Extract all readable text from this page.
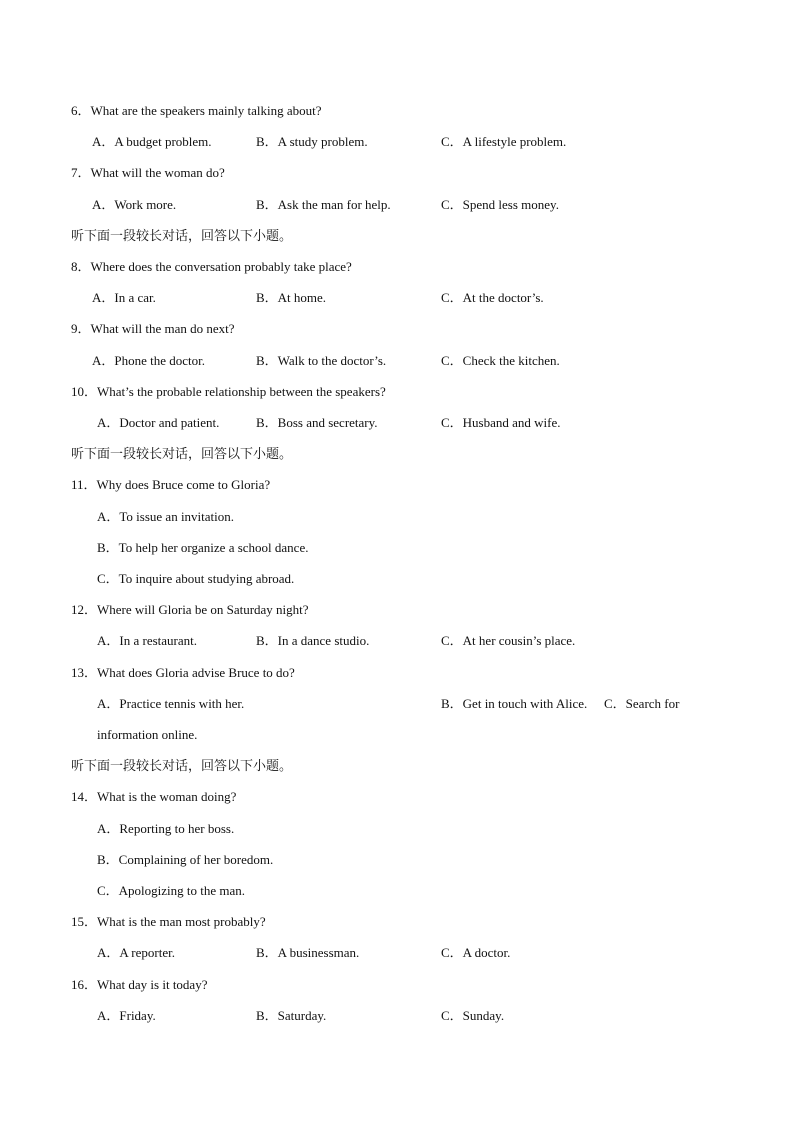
6．What are the speakers mainly talking about?
A．A budget problem.	B．A study problem.	C．A lifestyle problem.
7．What will the woman do?
A．Work more.	B．Ask the man for help.	C．Spend less money.
听下面一段较长对话，回答以下小题。
8．Where does the conversation probably take place?
A．In a car.	B．At home.	C．At the doctor’s.
9．What will the man do next?
A．Phone the doctor.	B．Walk to the doctor’s.	C．Check the kitchen.
10．What’s the probable relationship between the speakers?
A．Doctor and patient.	B．Boss and secretary.	C．Husband and wife.
听下面一段较长对话，回答以下小题。
11．Why does Bruce come to Gloria?
A．To issue an invitation.
B．To help her organize a school dance.
C．To inquire about studying abroad.
12．Where will Gloria be on Saturday night?
A．In a restaurant.	B．In a dance studio.	C．At her cousin’s place.
13．What does Gloria advise Bruce to do?
A．Practice tennis with her.	B．Get in touch with Alice. C．Search for
information online.
听下面一段较长对话，回答以下小题。
14．What is the woman doing?
A．Reporting to her boss.
B．Complaining of her boredom.
C．Apologizing to the man.
15．What is the man most probably?
A．A reporter.	B．A businessman.	C．A doctor.
16．What day is it today?
A．Friday.	B．Saturday.	C．Sunday.
